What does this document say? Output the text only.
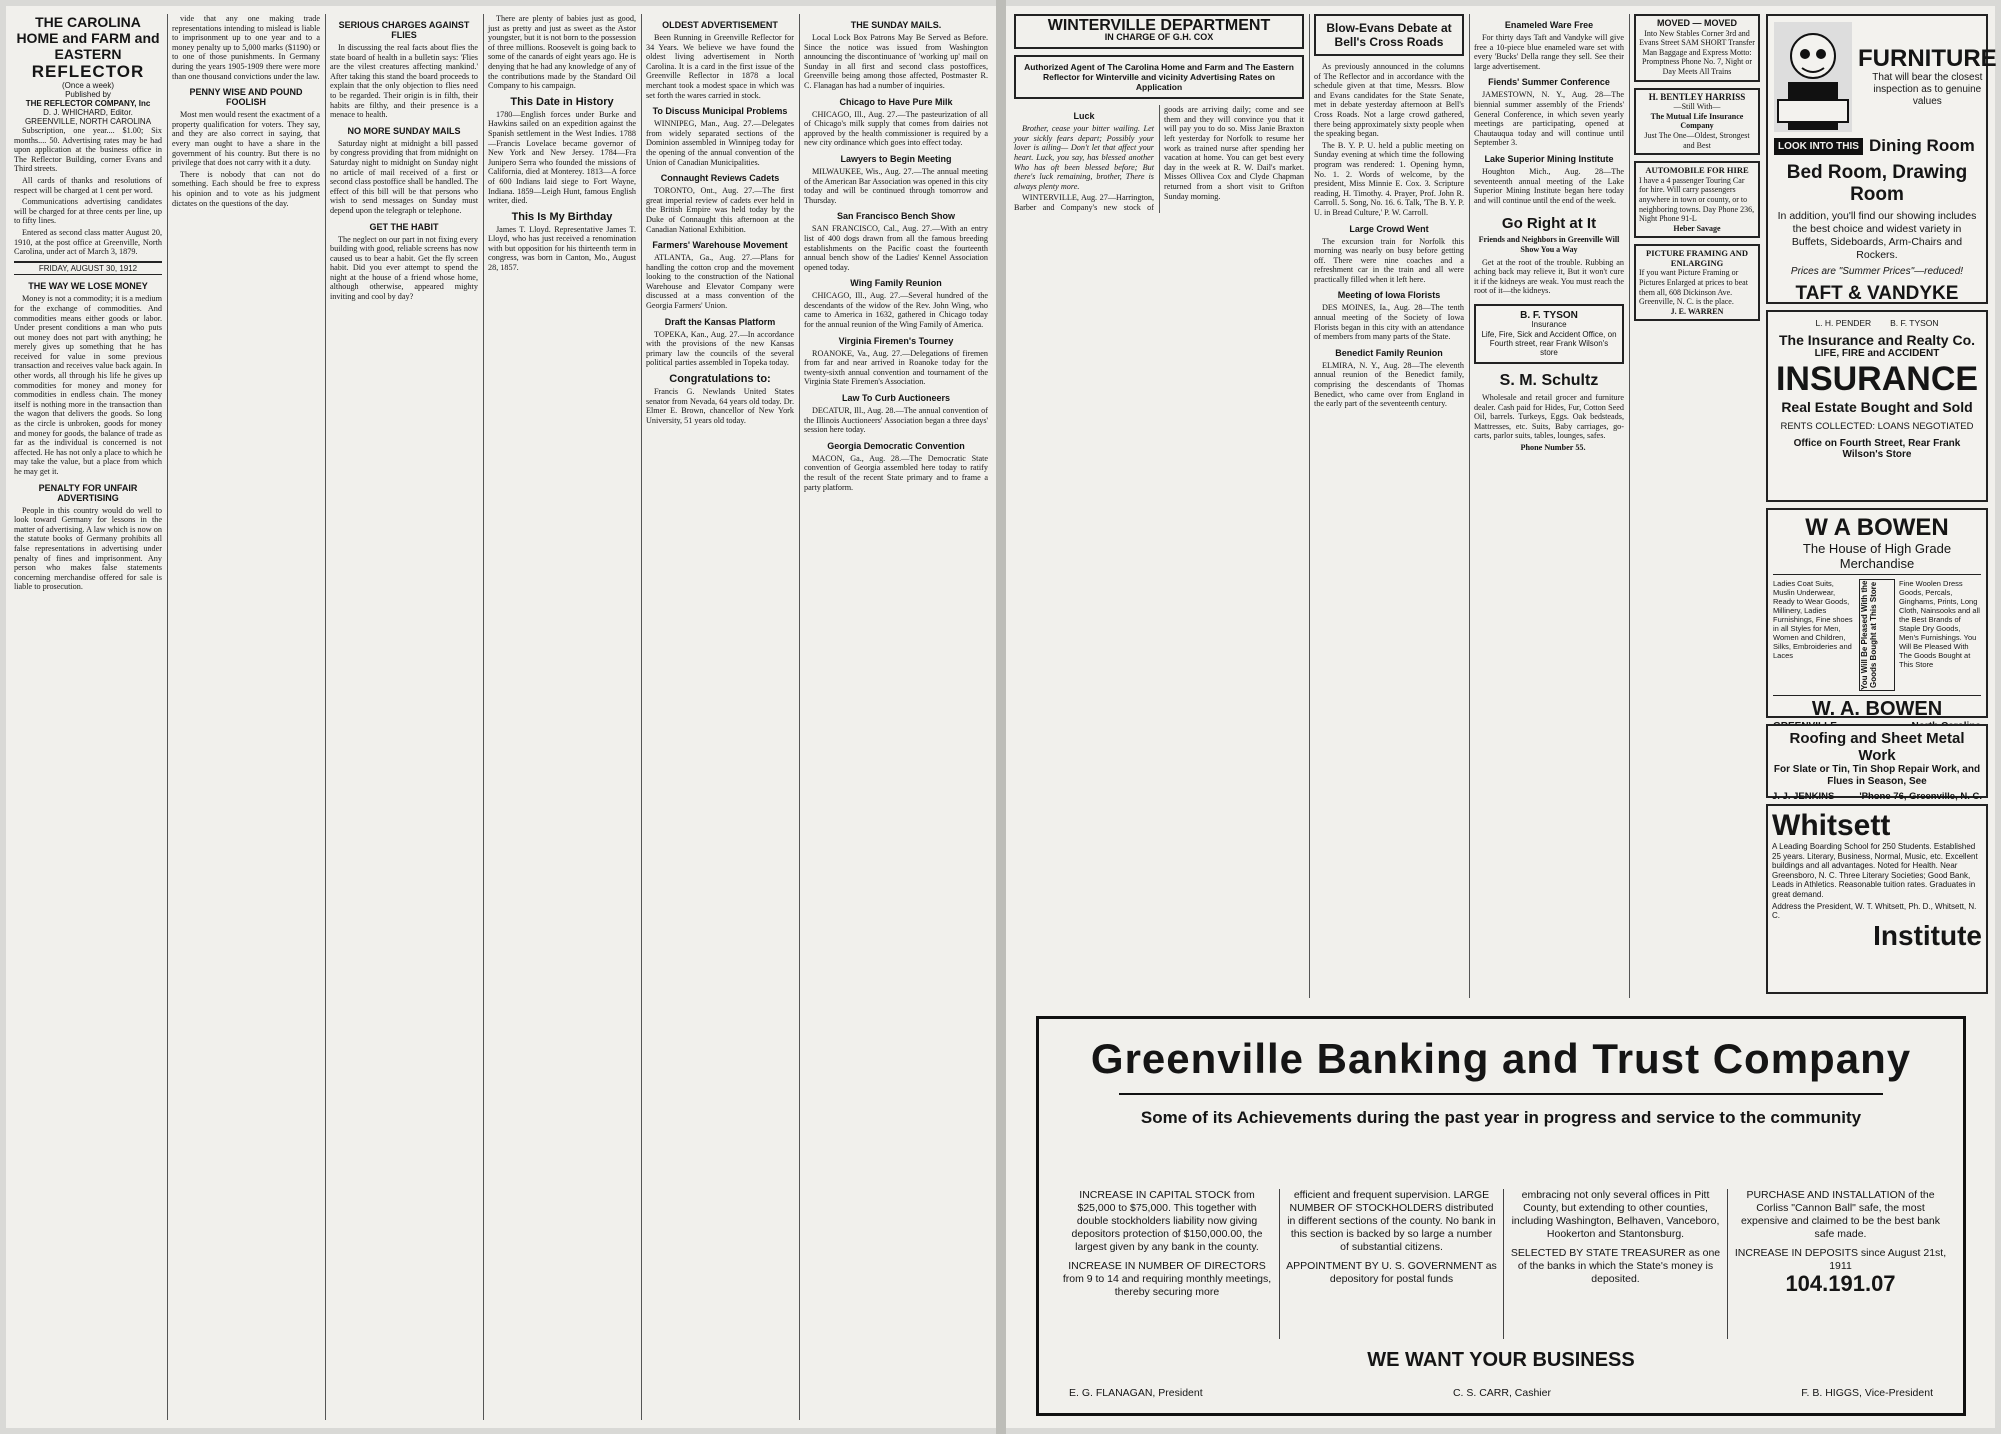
THE CAROLINA HOME and FARM and EASTERN
REFLECTOR
(Once a week)
Published by
THE REFLECTOR COMPANY, Inc
D. J. WHICHARD, Editor.
GREENVILLE, NORTH CAROLINA

Subscription, one year.... $1.00; Six months.... 50. Advertising rates may be had upon application at the business office in The Reflector Building, corner Evans and Third streets.

All cards of thanks and resolutions of respect will be charged at 1 cent per word.

Communications advertising candidates will be charged for at three cents per line, up to fifty lines.

Entered as second class matter August 20, 1910, at the post office at Greenville, North Carolina, under act of March 3, 1879.

FRIDAY, AUGUST 30, 1912
THE WAY WE LOSE MONEY

Money is not a commodity; it is a medium for the exchange of commodities. And commodities means either goods or labor. Under present conditions a man who puts out money does not part with anything; he merely gives up something that he has received for value in some previous transaction and receives value back again. In other words, all through his life he gives up commodities for money and money for commodities in endless chain. The money itself is nothing more in the transaction than the wagon that delivers the goods. So long as the circle is unbroken, goods for money and money for goods, the balance of trade as far as the individual is concerned is not affected. He has not only a place to which he may take the value, but a place from which he may get it.

PENALTY FOR UNFAIR ADVERTISING

People in this country would do well to look toward Germany for lessons in the matter of advertising. A law which is now on the statute books of Germany prohibits all false representations in advertising under penalty of fines and imprisonment. Any person who makes false statements concerning merchandise offered for sale is liable to prosecution.

vide that any one making trade representations intending to mislead is liable to imprisonment up to one year and to a money penalty up to 5,000 marks ($1190) or to one of those punishments. In Germany during the years 1905-1909 there were more than one thousand convictions under the law.

PENNY WISE AND POUND FOOLISH

Most men would resent the exactment of a property qualification for voters. They say, and they are also correct in saying, that every man ought to have a share in the government of his country. But there is no privilege that does not carry with it a duty.

There is nobody that can not do something. Each should be free to express his opinion and to vote as his judgment dictates on the questions of the day.

SERIOUS CHARGES AGAINST FLIES

In discussing the real facts about flies the state board of health in a bulletin says: 'Flies are the vilest creatures affecting mankind.' After taking this stand the board proceeds to explain that the only objection to flies need to be regarded. Their origin is in filth, their habits are filthy, and their presence is a menace to health.

NO MORE SUNDAY MAILS

Saturday night at midnight a bill passed by congress providing that from midnight on Saturday night to midnight on Sunday night no article of mail received of a first or second class postoffice shall be handled. The effect of this bill will be that persons who wish to send messages on Sunday must depend upon the telegraph or telephone.

GET THE HABIT

The neglect on our part in not fixing every building with good, reliable screens has now caused us to bear a habit. Get the fly screen habit. Did you ever attempt to spend the night at the house of a friend whose home, although otherwise, appeared mighty inviting and cool by day?

There are plenty of babies just as good, just as pretty and just as sweet as the Astor youngster, but it is not born to the possession of three millions. Roosevelt is going back to some of the canards of eight years ago. He is denying that he had any knowledge of any of the contributions made by the Standard Oil Company to his campaign.

This Date in History

1780—English forces under Burke and Hawkins sailed on an expedition against the Spanish settlement in the West Indies. 1788—Francis Lovelace became governor of New York and New Jersey. 1784—Fra Junipero Serra who founded the missions of California, died at Monterey. 1813—A force of 600 Indians laid siege to Fort Wayne, Indiana. 1859—Leigh Hunt, famous English writer, died.

This Is My Birthday

James T. Lloyd. Representative James T. Lloyd, who has just received a renomination with but opposition for his thirteenth term in congress, was born in Canton, Mo., August 28, 1857.

OLDEST ADVERTISEMENT

Been Running in Greenville Reflector for 34 Years. We believe we have found the oldest living advertisement in North Carolina. It is a card in the first issue of the Greenville Reflector in 1878 a local merchant took a modest space in which was set forth the wares carried in stock.

To Discuss Municipal Problems

WINNIPEG, Man., Aug. 27.—Delegates from widely separated sections of the Dominion assembled in Winnipeg today for the opening of the annual convention of the Union of Canadian Municipalities.

Connaught Reviews Cadets

TORONTO, Ont., Aug. 27.—The first great imperial review of cadets ever held in the British Empire was held today by the Duke of Connaught this afternoon at the Canadian National Exhibition.

Farmers' Warehouse Movement

ATLANTA, Ga., Aug. 27.—Plans for handling the cotton crop and the movement looking to the construction of the National Warehouse and Elevator Company were discussed at a mass convention of the Georgia Farmers' Union.

Draft the Kansas Platform

TOPEKA, Kan., Aug. 27.—In accordance with the provisions of the new Kansas primary law the councils of the several political parties assembled in Topeka today.

Congratulations to:

Francis G. Newlands United States senator from Nevada, 64 years old today. Dr. Elmer E. Brown, chancellor of New York University, 51 years old today.

THE SUNDAY MAILS.

Local Lock Box Patrons May Be Served as Before. Since the notice was issued from Washington announcing the discontinuance of 'working up' mail on Sunday in all first and second class postoffices, Greenville being among those affected, Postmaster R. C. Flanagan has had a number of inquiries.

Chicago to Have Pure Milk

CHICAGO, Ill., Aug. 27.—The pasteurization of all of Chicago's milk supply that comes from dairies not approved by the health commissioner is required by a new city ordinance which goes into effect today.

Lawyers to Begin Meeting

MILWAUKEE, Wis., Aug. 27.—The annual meeting of the American Bar Association was opened in this city today and will be continued through tomorrow and Thursday.

San Francisco Bench Show

SAN FRANCISCO, Cal., Aug. 27.—With an entry list of 400 dogs drawn from all the famous breeding establishments on the Pacific coast the fourteenth annual bench show of the Ladies' Kennel Association opened today.

Wing Family Reunion

CHICAGO, Ill., Aug. 27.—Several hundred of the descendants of the widow of the Rev. John Wing, who came to America in 1632, gathered in Chicago today for the annual reunion of the Wing Family of America.

Virginia Firemen's Tourney

ROANOKE, Va., Aug. 27.—Delegations of firemen from far and near arrived in Roanoke today for the twenty-sixth annual convention and tournament of the Virginia State Firemen's Association.

Law To Curb Auctioneers

DECATUR, Ill., Aug. 28.—The annual convention of the Illinois Auctioneers' Association began a three days' session here today.

Georgia Democratic Convention

MACON, Ga., Aug. 28.—The Democratic State convention of Georgia assembled here today to ratify the result of the recent State primary and to frame a party platform.

WINTERVILLE DEPARTMENT
IN CHARGE OF G.H. COX
Authorized Agent of The Carolina Home and Farm and The Eastern Reflector for Winterville and vicinity Advertising Rates on Application
Luck

Brother, cease your bitter wailing. Let your sickly fears depart; Possibly your lover is ailing— Don't let that affect your heart. Luck, you say, has blessed another Who has oft been blessed before; But there's luck remaining, brother, There is always plenty more.

WINTERVILLE, Aug. 27—Harrington, Barber and Company's new stock of goods are arriving daily; come and see them and they will convince you that it will pay you to do so. Miss Janie Braxton left yesterday for Norfolk to resume her work as trained nurse after spending her vacation at home. You can get best every day in the week at R. W. Dail's market. Misses Ollivea Cox and Clyde Chapman returned from a short visit to Grifton Sunday morning.

Blow-Evans Debate at Bell's Cross Roads

As previously announced in the columns of The Reflector and in accordance with the schedule given at that time, Messrs. Blow and Evans candidates for the State Senate, met in debate yesterday afternoon at Bell's Cross Roads. Not a large crowd gathered, there being approximately sixty people when the speaking began.

The B. Y. P. U. held a public meeting on Sunday evening at which time the following program was rendered: 1. Opening hymn, No. 1. 2. Words of welcome, by the president, Miss Minnie E. Cox. 3. Scripture reading, H. Timothy. 4. Prayer, Prof. John R. Carroll. 5. Song, No. 16. 6. Talk, 'The B. Y. P. U. in Bread Culture,' P. W. Carroll.

Large Crowd Went

The excursion train for Norfolk this morning was nearly on busy before getting off. There were nine coaches and a refreshment car in the train and all were practically filled when it left here.

Meeting of Iowa Florists

DES MOINES, Ia., Aug. 28—The tenth annual meeting of the Society of Iowa Florists began in this city with an attendance of members from many parts of the State.

Benedict Family Reunion

ELMIRA, N. Y., Aug. 28—The eleventh annual reunion of the Benedict family, comprising the descendants of Thomas Benedict, who came over from England in the early part of the seventeenth century.

Enameled Ware Free

For thirty days Taft and Vandyke will give free a 10-piece blue enameled ware set with every 'Bucks' Della range they sell. See their large advertisement.

Fiends' Summer Conference

JAMESTOWN, N. Y., Aug. 28—The biennial summer assembly of the Friends' General Conference, in which seven yearly meetings are participating, opened at Chautauqua today and will continue until September 3.

Lake Superior Mining Institute

Houghton Mich., Aug. 28—The seventeenth annual meeting of the Lake Superior Mining Institute began here today and will continue until the end of the week.

Go Right at It
Friends and Neighbors in Greenville Will Show You a Way

Get at the root of the trouble. Rubbing an aching back may relieve it, But it won't cure it if the kidneys are weak. You must reach the root of it—the kidneys.

B. F. TYSON
Insurance
Life, Fire, Sick and Accident Office, on Fourth street, rear Frank Wilson's store
S. M. Schultz

Wholesale and retail grocer and furniture dealer. Cash paid for Hides, Fur, Cotton Seed Oil, barrels. Turkeys, Eggs. Oak bedsteads, Mattresses, etc. Suits, Baby carriages, go-carts, parlor suits, tables, lounges, safes.

Phone Number 55.

MOVED — MOVED
Into New Stables Corner 3rd and Evans Street SAM SHORT Transfer Man Baggage and Express Motto: Promptness Phone No. 7, Night or Day Meets All Trains
H. BENTLEY HARRISS
—Still With—
The Mutual Life Insurance Company
Just The One—Oldest, Strongest and Best
AUTOMOBILE FOR HIRE
I have a 4 passenger Touring Car for hire. Will carry passengers anywhere in town or county, or to neighboring towns. Day Phone 236, Night Phone 91-L
Heber Savage
PICTURE FRAMING AND ENLARGING
If you want Picture Framing or Pictures Enlarged at prices to beat them all, 608 Dickinson Ave. Greenville, N. C. is the place.
J. E. WARREN
FURNITURE
That will bear the closest inspection as to genuine values
LOOK INTO THIS Dining Room
Bed Room, Drawing Room
In addition, you'll find our showing includes the best choice and widest variety in Buffets, Sideboards, Arm-Chairs and Rockers.
Prices are "Summer Prices"—reduced!
TAFT & VANDYKE
L. H. PENDER        B. F. TYSON
The Insurance and Realty Co.
LIFE, FIRE and ACCIDENT
INSURANCE
Real Estate Bought and Sold
RENTS COLLECTED: LOANS NEGOTIATED
Office on Fourth Street, Rear Frank Wilson's Store
W A BOWEN
The House of High Grade Merchandise
Ladies Coat Suits, Muslin Underwear, Ready to Wear Goods, Millinery, Ladies Furnishings, Fine shoes in all Styles for Men, Women and Children, Silks, Embroideries and Laces	You Will Be Pleased With the Goods Bought at This Store	Fine Woolen Dress Goods, Percals, Ginghams, Prints, Long Cloth, Nainsooks and all the Best Brands of Staple Dry Goods, Men's Furnishings. You Will Be Pleased With The Goods Bought at This Store
W. A. BOWEN
Roofing and Sheet Metal Work
For Slate or Tin, Tin Shop Repair Work, and Flues in Season, See
J. J. JENKINS	'Phone 76, Greenville, N. C.
Whitsett
A Leading Boarding School for 250 Students. Established 25 years. Literary, Business, Normal, Music, etc. Excellent buildings and all advantages. Noted for Health. Near Greensboro, N. C. Three Literary Societies; Good Bank, Leads in Athletics. Reasonable tuition rates. Graduates in great demand.
Address the President, W. T. Whitsett, Ph. D., Whitsett, N. C.
Institute
Greenville Banking and Trust Company
Some of its Achievements during the past year in progress and service to the community
INCREASE IN CAPITAL STOCK from $25,000 to $75,000. This together with double stockholders liability now giving depositors protection of $150,000.00, the largest given by any bank in the county.
INCREASE IN NUMBER OF DIRECTORS from 9 to 14 and requiring monthly meetings, thereby securing more
efficient and frequent supervision. LARGE NUMBER OF STOCKHOLDERS distributed in different sections of the county. No bank in this section is backed by so large a number of substantial citizens.
APPOINTMENT BY U. S. GOVERNMENT as depository for postal funds
embracing not only several offices in Pitt County, but extending to other counties, including Washington, Belhaven, Vanceboro, Hookerton and Stantonsburg.
SELECTED BY STATE TREASURER as one of the banks in which the State's money is deposited.
PURCHASE AND INSTALLATION of the Corliss "Cannon Ball" safe, the most expensive and claimed to be the best bank safe made.
INCREASE IN DEPOSITS since August 21st, 1911
104.191.07
WE WANT YOUR BUSINESS
E. G. FLANAGAN, President	C. S. CARR, Cashier	F. B. HIGGS, Vice-President
